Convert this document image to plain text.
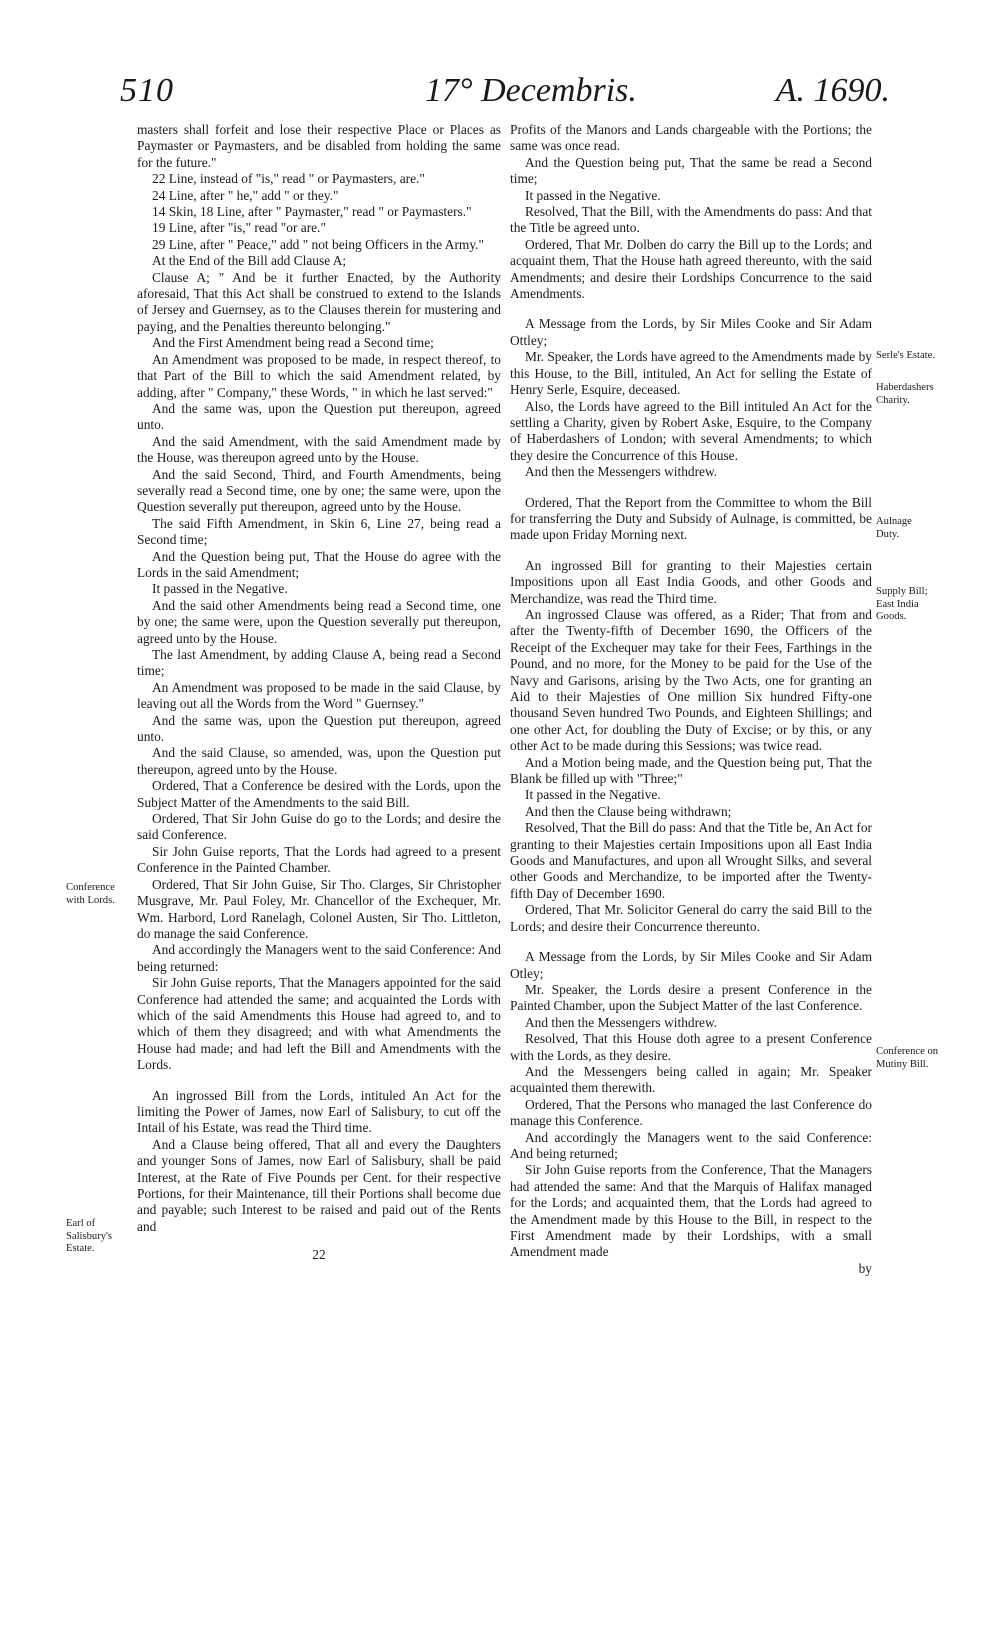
510	17° Decembris.	A. 1690.

masters shall forfeit and lose their respective Place or Places as Paymaster or Paymasters, and be disabled from holding the same for the future."

22 Line, instead of "is," read " or Paymasters, are."

24 Line, after " he," add " or they."

14 Skin, 18 Line, after " Paymaster," read " or Paymasters."

19 Line, after "is," read "or are."

29 Line, after " Peace," add " not being Officers in the Army."

At the End of the Bill add Clause A;

Clause A; " And be it further Enacted, by the Authority aforesaid, That this Act shall be construed to extend to the Islands of Jersey and Guernsey, as to the Clauses therein for mustering and paying, and the Penalties thereunto belonging."

And the First Amendment being read a Second time;

An Amendment was proposed to be made, in respect thereof, to that Part of the Bill to which the said Amendment related, by adding, after " Company," these Words, " in which he last served:"

And the same was, upon the Question put thereupon, agreed unto.

And the said Amendment, with the said Amendment made by the House, was thereupon agreed unto by the House.

And the said Second, Third, and Fourth Amendments, being severally read a Second time, one by one; the same were, upon the Question severally put thereupon, agreed unto by the House.

The said Fifth Amendment, in Skin 6, Line 27, being read a Second time;

And the Question being put, That the House do agree with the Lords in the said Amendment;

It passed in the Negative.

And the said other Amendments being read a Second time, one by one; the same were, upon the Question severally put thereupon, agreed unto by the House.

The last Amendment, by adding Clause A, being read a Second time;

An Amendment was proposed to be made in the said Clause, by leaving out all the Words from the Word " Guernsey."

And the same was, upon the Question put thereupon, agreed unto.

And the said Clause, so amended, was, upon the Question put thereupon, agreed unto by the House.

Ordered, That a Conference be desired with the Lords, upon the Subject Matter of the Amendments to the said Bill.

Ordered, That Sir John Guise do go to the Lords; and desire the said Conference.

Sir John Guise reports, That the Lords had agreed to a present Conference in the Painted Chamber.

Ordered, That Sir John Guise, Sir Tho. Clarges, Sir Christopher Musgrave, Mr. Paul Foley, Mr. Chancellor of the Exchequer, Mr. Wm. Harbord, Lord Ranelagh, Colonel Austen, Sir Tho. Littleton, do manage the said Conference.

And accordingly the Managers went to the said Conference: And being returned:

Sir John Guise reports, That the Managers appointed for the said Conference had attended the same; and acquainted the Lords with which of the said Amendments this House had agreed to, and to which of them they disagreed; and with what Amendments the House had made; and had left the Bill and Amendments with the Lords.

An ingrossed Bill from the Lords, intituled An Act for the limiting the Power of James, now Earl of Salisbury, to cut off the Intail of his Estate, was read the Third time.

And a Clause being offered, That all and every the Daughters and younger Sons of James, now Earl of Salisbury, shall be paid Interest, at the Rate of Five Pounds per Cent. for their respective Portions, for their Maintenance, till their Portions shall become due and payable; such Interest to be raised and paid out of the Rents and

22

Profits of the Manors and Lands chargeable with the Portions; the same was once read.

And the Question being put, That the same be read a Second time;

It passed in the Negative.

Resolved, That the Bill, with the Amendments do pass: And that the Title be agreed unto.

Ordered, That Mr. Dolben do carry the Bill up to the Lords; and acquaint them, That the House hath agreed thereunto, with the said Amendments; and desire their Lordships Concurrence to the said Amendments.

A Message from the Lords, by Sir Miles Cooke and Sir Adam Ottley;

Mr. Speaker, the Lords have agreed to the Amendments made by this House, to the Bill, intituled, An Act for selling the Estate of Henry Serle, Esquire, deceased.

Also, the Lords have agreed to the Bill intituled An Act for the settling a Charity, given by Robert Aske, Esquire, to the Company of Haberdashers of London; with several Amendments; to which they desire the Concurrence of this House.

And then the Messengers withdrew.

Ordered, That the Report from the Committee to whom the Bill for transferring the Duty and Subsidy of Aulnage, is committed, be made upon Friday Morning next.

An ingrossed Bill for granting to their Majesties certain Impositions upon all East India Goods, and other Goods and Merchandize, was read the Third time.

An ingrossed Clause was offered, as a Rider; That from and after the Twenty-fifth of December 1690, the Officers of the Receipt of the Exchequer may take for their Fees, Farthings in the Pound, and no more, for the Money to be paid for the Use of the Navy and Garisons, arising by the Two Acts, one for granting an Aid to their Majesties of One million Six hundred Fifty-one thousand Seven hundred Two Pounds, and Eighteen Shillings; and one other Act, for doubling the Duty of Excise; or by this, or any other Act to be made during this Sessions; was twice read.

And a Motion being made, and the Question being put, That the Blank be filled up with "Three;"

It passed in the Negative.

And then the Clause being withdrawn;

Resolved, That the Bill do pass: And that the Title be, An Act for granting to their Majesties certain Impositions upon all East India Goods and Manufactures, and upon all Wrought Silks, and several other Goods and Merchandize, to be imported after the Twenty-fifth Day of December 1690.

Ordered, That Mr. Solicitor General do carry the said Bill to the Lords; and desire their Concurrence thereunto.

A Message from the Lords, by Sir Miles Cooke and Sir Adam Otley;

Mr. Speaker, the Lords desire a present Conference in the Painted Chamber, upon the Subject Matter of the last Conference.

And then the Messengers withdrew.

Resolved, That this House doth agree to a present Conference with the Lords, as they desire.

And the Messengers being called in again; Mr. Speaker acquainted them therewith.

Ordered, That the Persons who managed the last Conference do manage this Conference.

And accordingly the Managers went to the said Conference: And being returned;

Sir John Guise reports from the Conference, That the Managers had attended the same: And that the Marquis of Halifax managed for the Lords; and acquainted them, that the Lords had agreed to the Amendment made by this House to the Bill, in respect to the First Amendment made by their Lordships, with a small Amendment made

by

Conference with Lords.
Earl of Salisbury's Estate.
Serle's Estate.
Haberdashers Charity.
Aulnage Duty.
Supply Bill; East India Goods.
Conference on Mutiny Bill.
